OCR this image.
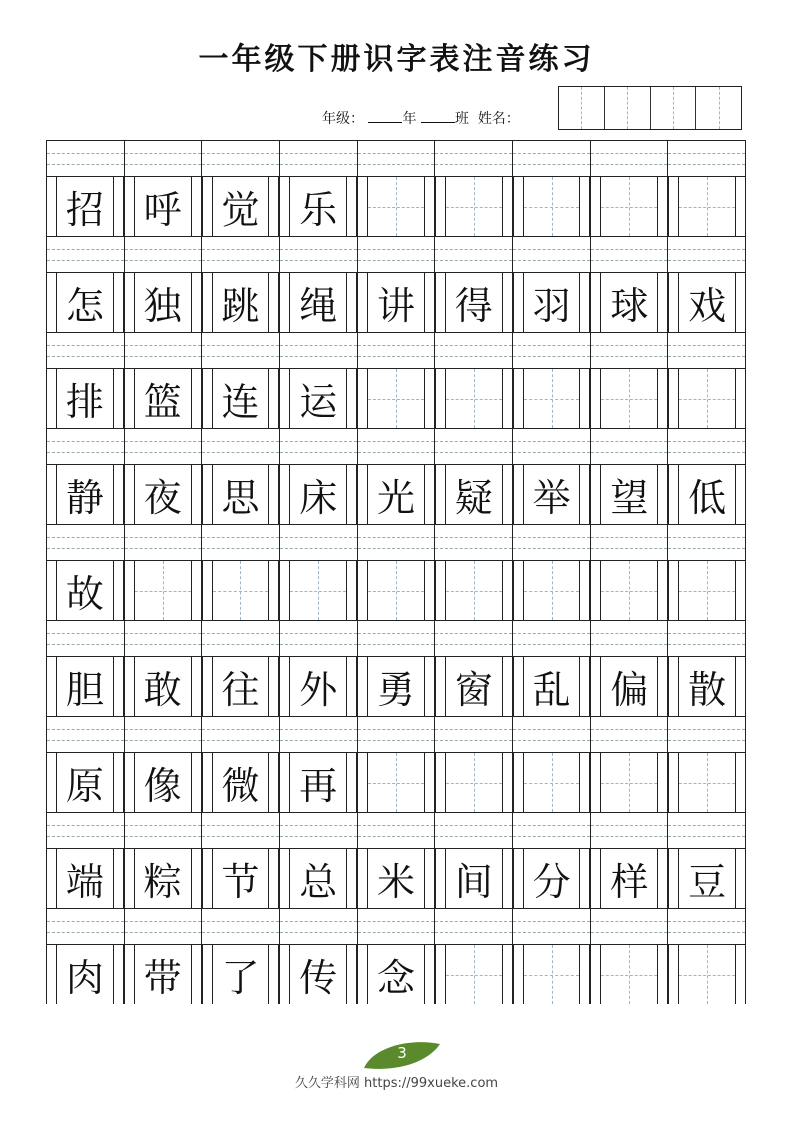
一年级下册识字表注音练习
年级：	年	班 姓名：
招 呼 觉 乐
怎 独 跳 绳 讲 得 羽 球 戏
排 篮 连 运
静 夜 思 床 光 疑 举 望 低
故
胆 敢 往 外 勇 窗 乱 偏 散
原 像 微 再
端 粽 节 总 米 间 分 样 豆
肉 带 了 传 念
3
久久学科网 https://99xueke.com
